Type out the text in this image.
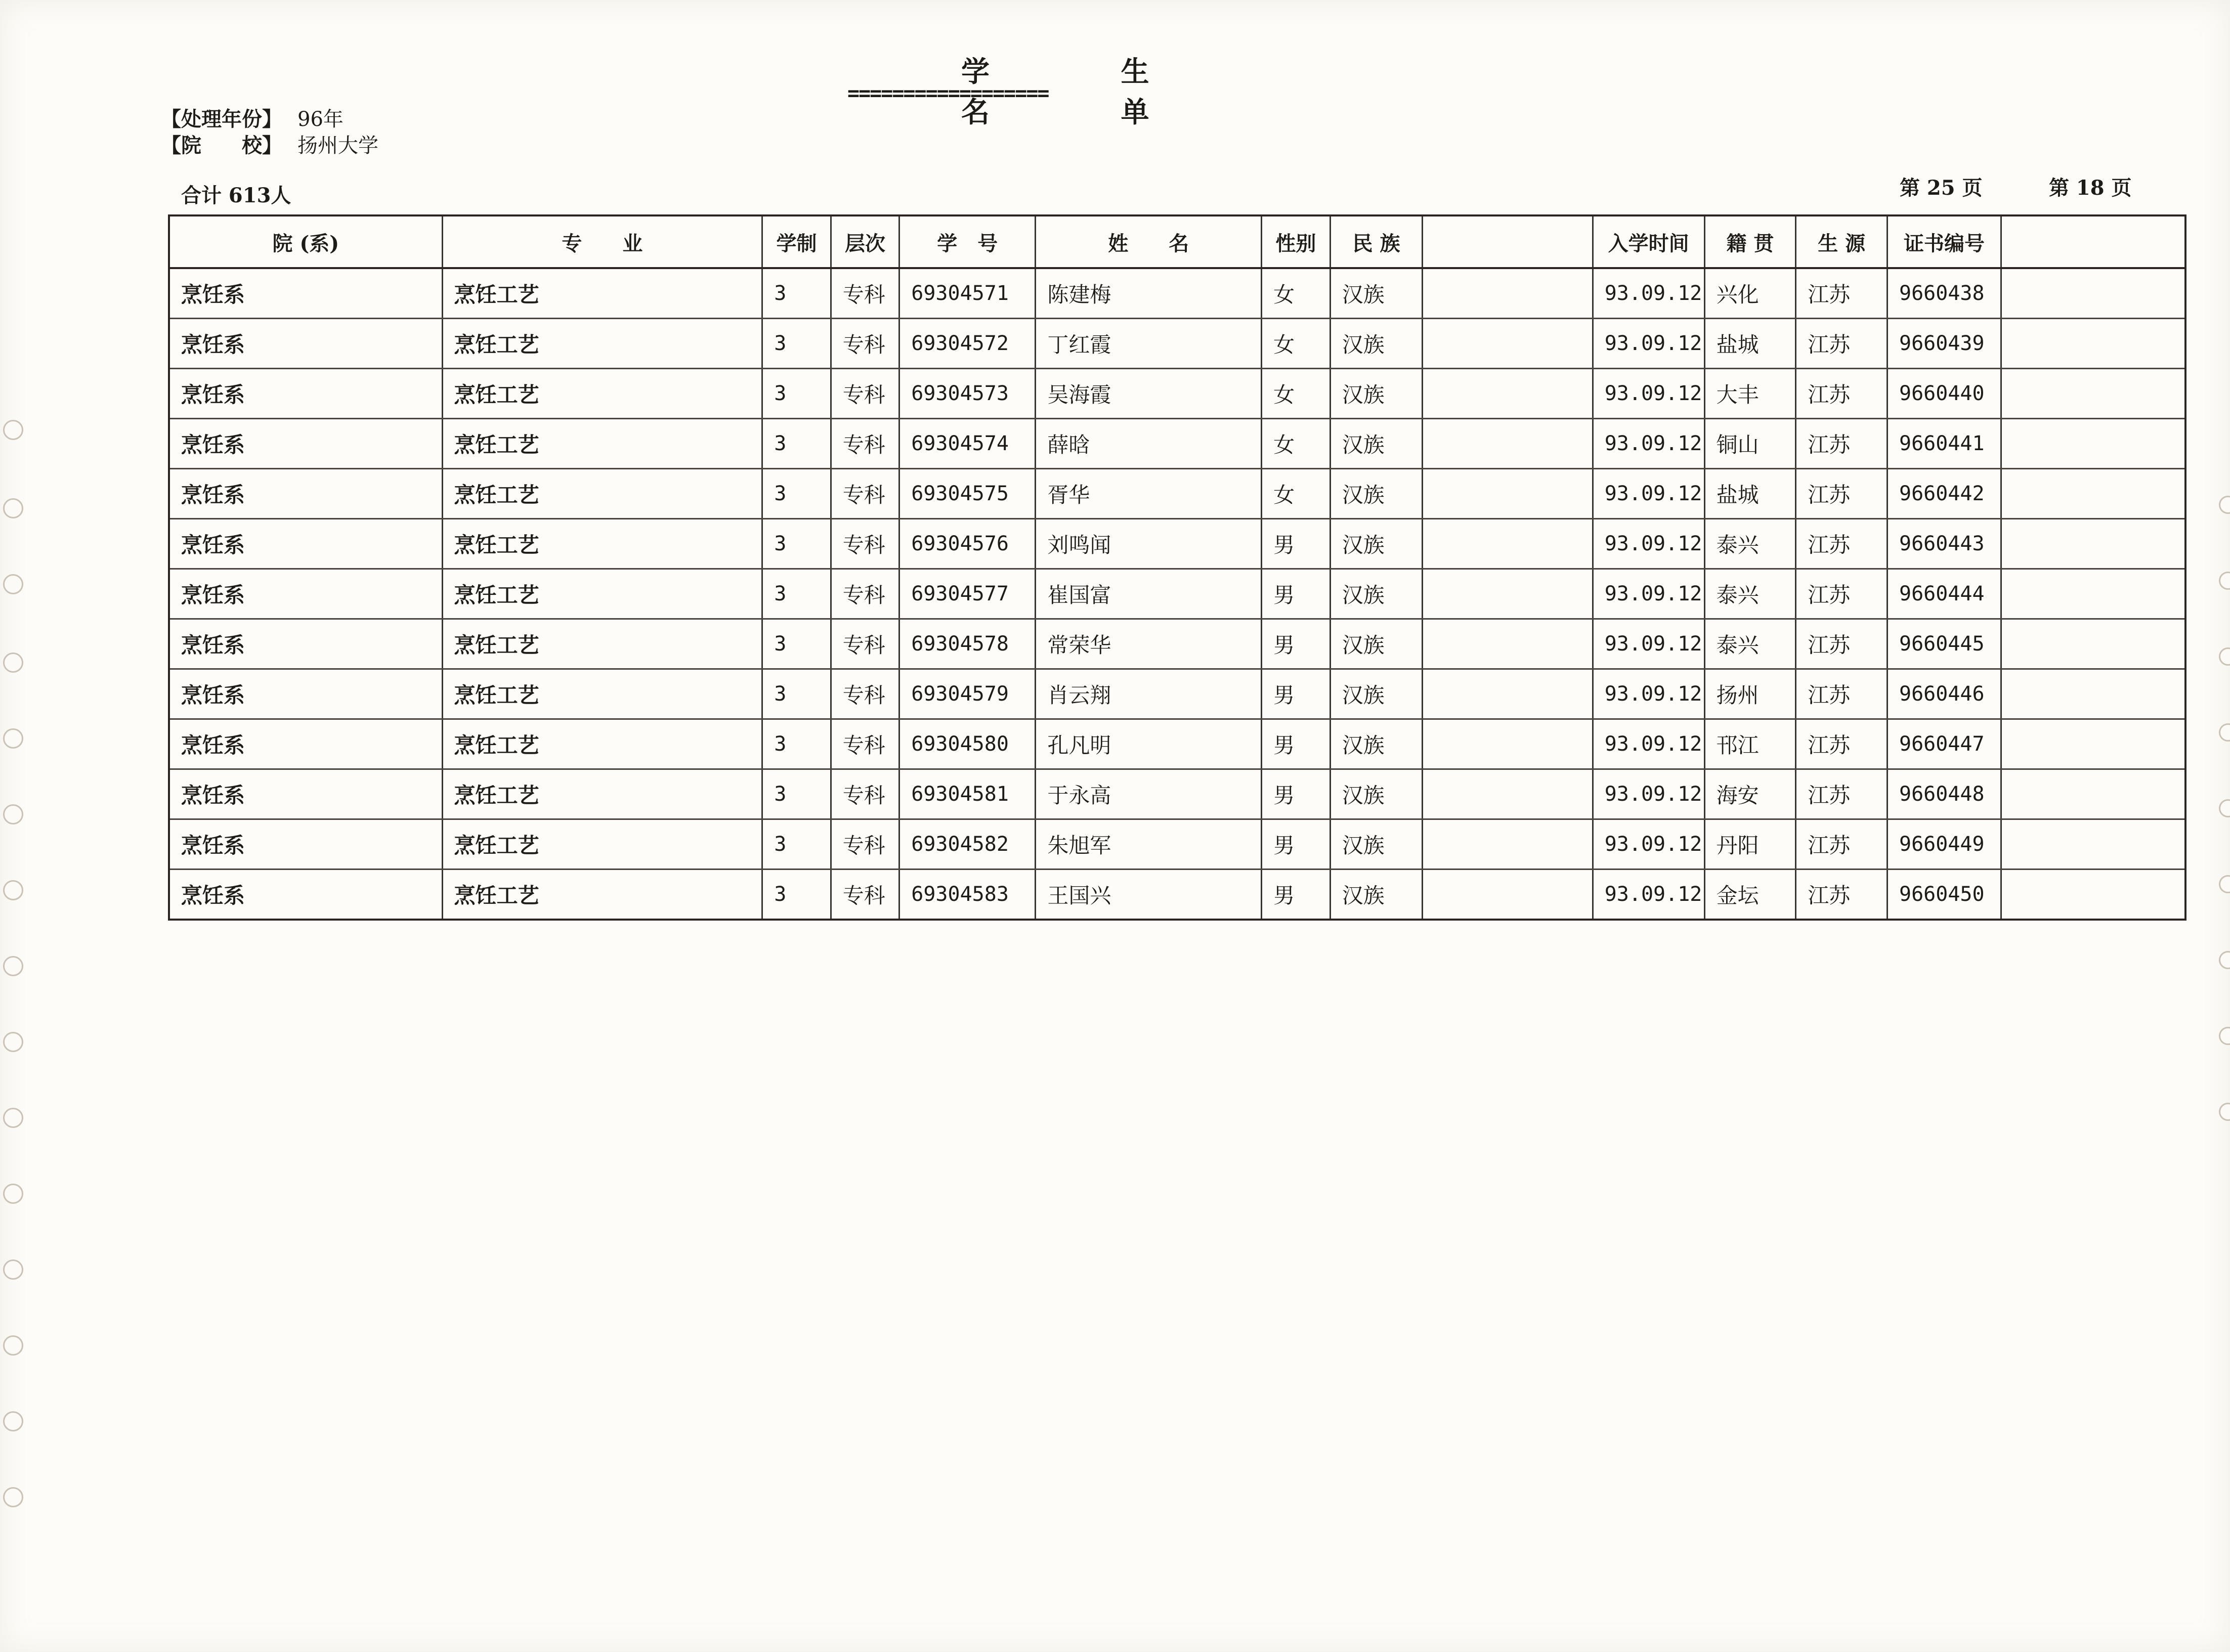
学 生 名 单
==================
【处理年份】 96年
【院　　校】 扬州大学
合计 613人	第 25 页	第 18 页
院 (系)	专　　业	学制	层次	学　号	姓　　名	性别	民 族		入学时间	籍 贯	生 源	证书编号	
烹饪系	烹饪工艺	3	专科	69304571	陈建梅	女	汉族		93.09.12	兴化	江苏	9660438	
烹饪系	烹饪工艺	3	专科	69304572	丁红霞	女	汉族		93.09.12	盐城	江苏	9660439	
烹饪系	烹饪工艺	3	专科	69304573	吴海霞	女	汉族		93.09.12	大丰	江苏	9660440	
烹饪系	烹饪工艺	3	专科	69304574	薛晗	女	汉族		93.09.12	铜山	江苏	9660441	
烹饪系	烹饪工艺	3	专科	69304575	胥华	女	汉族		93.09.12	盐城	江苏	9660442	
烹饪系	烹饪工艺	3	专科	69304576	刘鸣闻	男	汉族		93.09.12	泰兴	江苏	9660443	
烹饪系	烹饪工艺	3	专科	69304577	崔国富	男	汉族		93.09.12	泰兴	江苏	9660444	
烹饪系	烹饪工艺	3	专科	69304578	常荣华	男	汉族		93.09.12	泰兴	江苏	9660445	
烹饪系	烹饪工艺	3	专科	69304579	肖云翔	男	汉族		93.09.12	扬州	江苏	9660446	
烹饪系	烹饪工艺	3	专科	69304580	孔凡明	男	汉族		93.09.12	邗江	江苏	9660447	
烹饪系	烹饪工艺	3	专科	69304581	于永高	男	汉族		93.09.12	海安	江苏	9660448	
烹饪系	烹饪工艺	3	专科	69304582	朱旭军	男	汉族		93.09.12	丹阳	江苏	9660449	
烹饪系	烹饪工艺	3	专科	69304583	王国兴	男	汉族		93.09.12	金坛	江苏	9660450	
